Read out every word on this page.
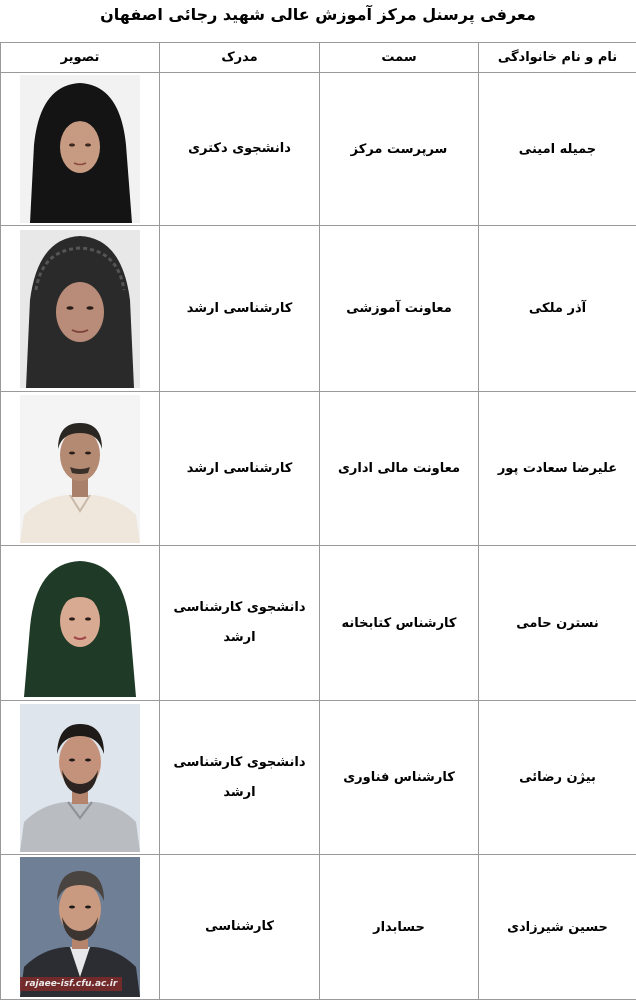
معرفی پرسنل مرکز آموزش عالی شهید رجائی اصفهان
نام و نام خانوادگی	سمت	مدرک	تصویر
جمیله امینی	سرپرست مرکز	دانشجوی دکتری	

آذر ملکی	معاونت آموزشی	کارشناسی ارشد	

علیرضا سعادت پور	معاونت مالی اداری	کارشناسی ارشد	

نسترن حامی	کارشناس کتابخانه	دانشجوی کارشناسی ارشد	

بیژن رضائی	کارشناس فناوری	دانشجوی کارشناسی ارشد	

حسین شیرزادی	حسابدار	کارشناسی	rajaee-isf.cfu.ac.ir
